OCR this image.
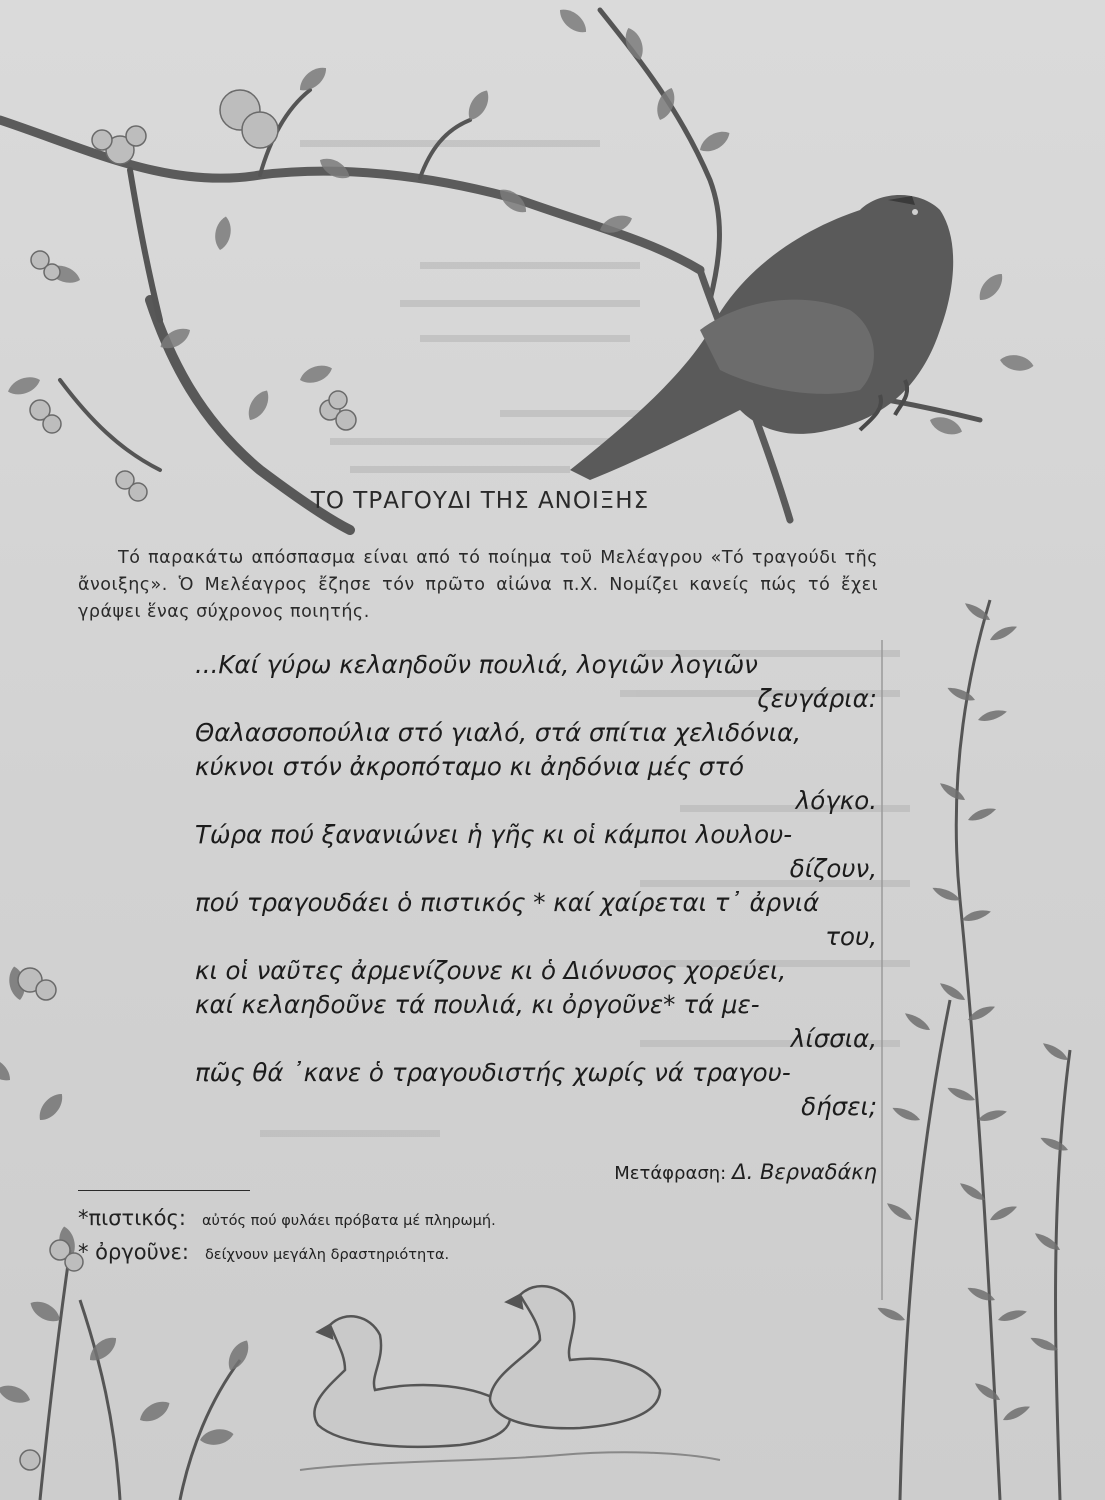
ΤΟ ΤΡΑΓΟΥΔΙ ΤΗΣ ΑΝΟΙΞΗΣ
Τό παρακάτω απόσπασμα είναι από τό ποίημα τοῦ Μελέαγρου «Τό τραγούδι τῆς ἄνοιξης». Ὁ Μελέαγρος ἔζησε τόν πρῶτο αἰώνα π.Χ. Νομίζει κανείς πώς τό ἔχει γράψει ἕνας σύχρονος ποιητής.
...Καί γύρω κελαηδοῦν πουλιά, λογιῶν λογιῶν
ζευγάρια:
Θαλασσοπούλια στό γιαλό, στά σπίτια χελιδόνια,
κύκνοι στόν ἀκροπόταμο κι ἀηδόνια μές στό
λόγκο.
Τώρα πού ξανανιώνει ἡ γῆς κι οἱ κάμποι λουλου-
δίζουν,
πού τραγουδάει ὁ πιστικός * καί χαίρεται τ᾽ ἀρνιά
του,
κι οἱ ναῦτες ἀρμενίζουνε κι ὁ Διόνυσος χορεύει,
καί κελαηδοῦνε τά πουλιά, κι ὀργοῦνε* τά με-
λίσσια,
πῶς θά ᾽κανε ὁ τραγουδιστής χωρίς νά τραγου-
δήσει;
Μετάφραση: Δ. Βερναδάκη
*πιστικός: αὐτός πού φυλάει πρόβατα μέ πληρωμή.
* ὀργοῦνε: δείχνουν μεγάλη δραστηριότητα.
